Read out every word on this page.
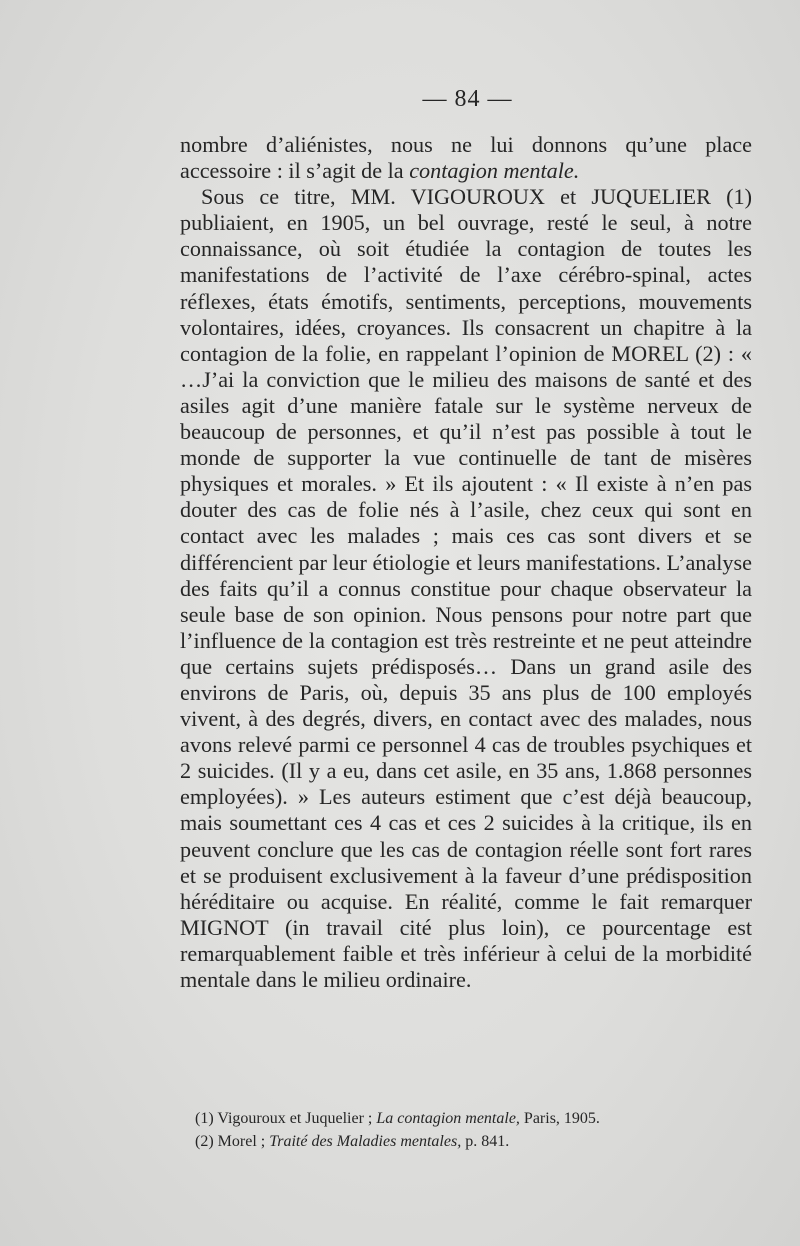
— 84 —

nombre d’aliénistes, nous ne lui donnons qu’une place accessoire : il s’agit de la contagion mentale.

Sous ce titre, MM. VIGOUROUX et JUQUELIER (1) publiaient, en 1905, un bel ouvrage, resté le seul, à notre connaissance, où soit étudiée la contagion de toutes les manifestations de l’activité de l’axe cérébro-spinal, actes réflexes, états émotifs, sentiments, perceptions, mouvements volontaires, idées, croyances. Ils consacrent un chapitre à la contagion de la folie, en rappelant l’opinion de MOREL (2) : « …J’ai la conviction que le milieu des maisons de santé et des asiles agit d’une manière fatale sur le système nerveux de beaucoup de personnes, et qu’il n’est pas possible à tout le monde de supporter la vue continuelle de tant de misères physiques et morales. » Et ils ajoutent : « Il existe à n’en pas douter des cas de folie nés à l’asile, chez ceux qui sont en contact avec les malades ; mais ces cas sont divers et se différencient par leur étiologie et leurs manifestations. L’analyse des faits qu’il a connus constitue pour chaque observateur la seule base de son opinion. Nous pensons pour notre part que l’influence de la contagion est très restreinte et ne peut atteindre que certains sujets prédisposés… Dans un grand asile des environs de Paris, où, depuis 35 ans plus de 100 employés vivent, à des degrés, divers, en contact avec des malades, nous avons relevé parmi ce personnel 4 cas de troubles psychiques et 2 suicides. (Il y a eu, dans cet asile, en 35 ans, 1.868 personnes employées). » Les auteurs estiment que c’est déjà beaucoup, mais soumettant ces 4 cas et ces 2 suicides à la critique, ils en peuvent conclure que les cas de contagion réelle sont fort rares et se produisent exclusivement à la faveur d’une prédisposition héréditaire ou acquise. En réalité, comme le fait remarquer MIGNOT (in travail cité plus loin), ce pourcentage est remarquablement faible et très inférieur à celui de la morbidité mentale dans le milieu ordinaire.

(1) Vigouroux et Juquelier ; La contagion mentale, Paris, 1905.
(2) Morel ; Traité des Maladies mentales, p. 841.
